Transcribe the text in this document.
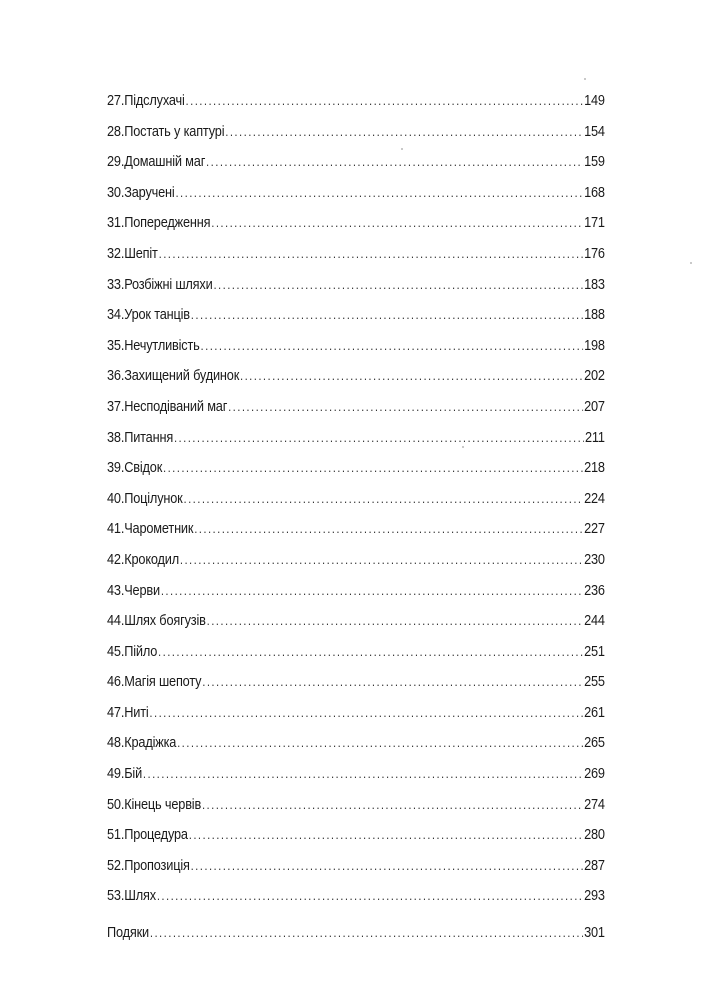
27. Підслухачі .....	149
28. Постать у каптурі .....	154
29. Домашній маг .....	159
30. Заручені .....	168
31. Попередження .....	171
32. Шепіт .....	176
33. Розбіжні шляхи .....	183
34. Урок танців .....	188
35. Нечутливість .....	198
36. Захищений будинок .....	202
37. Несподіваний маг .....	207
38. Питання .....	211
39. Свідок .....	218
40. Поцілунок .....	224
41. Чарометник .....	227
42. Крокодил .....	230
43. Черви .....	236
44. Шлях боягузів .....	244
45. Пійло .....	251
46. Магія шепоту .....	255
47. Ниті .....	261
48. Крадіжка .....	265
49. Бій .....	269
50. Кінець червів .....	274
51. Процедура .....	280
52. Пропозиція .....	287
53. Шлях .....	293
Подяки .....	301
